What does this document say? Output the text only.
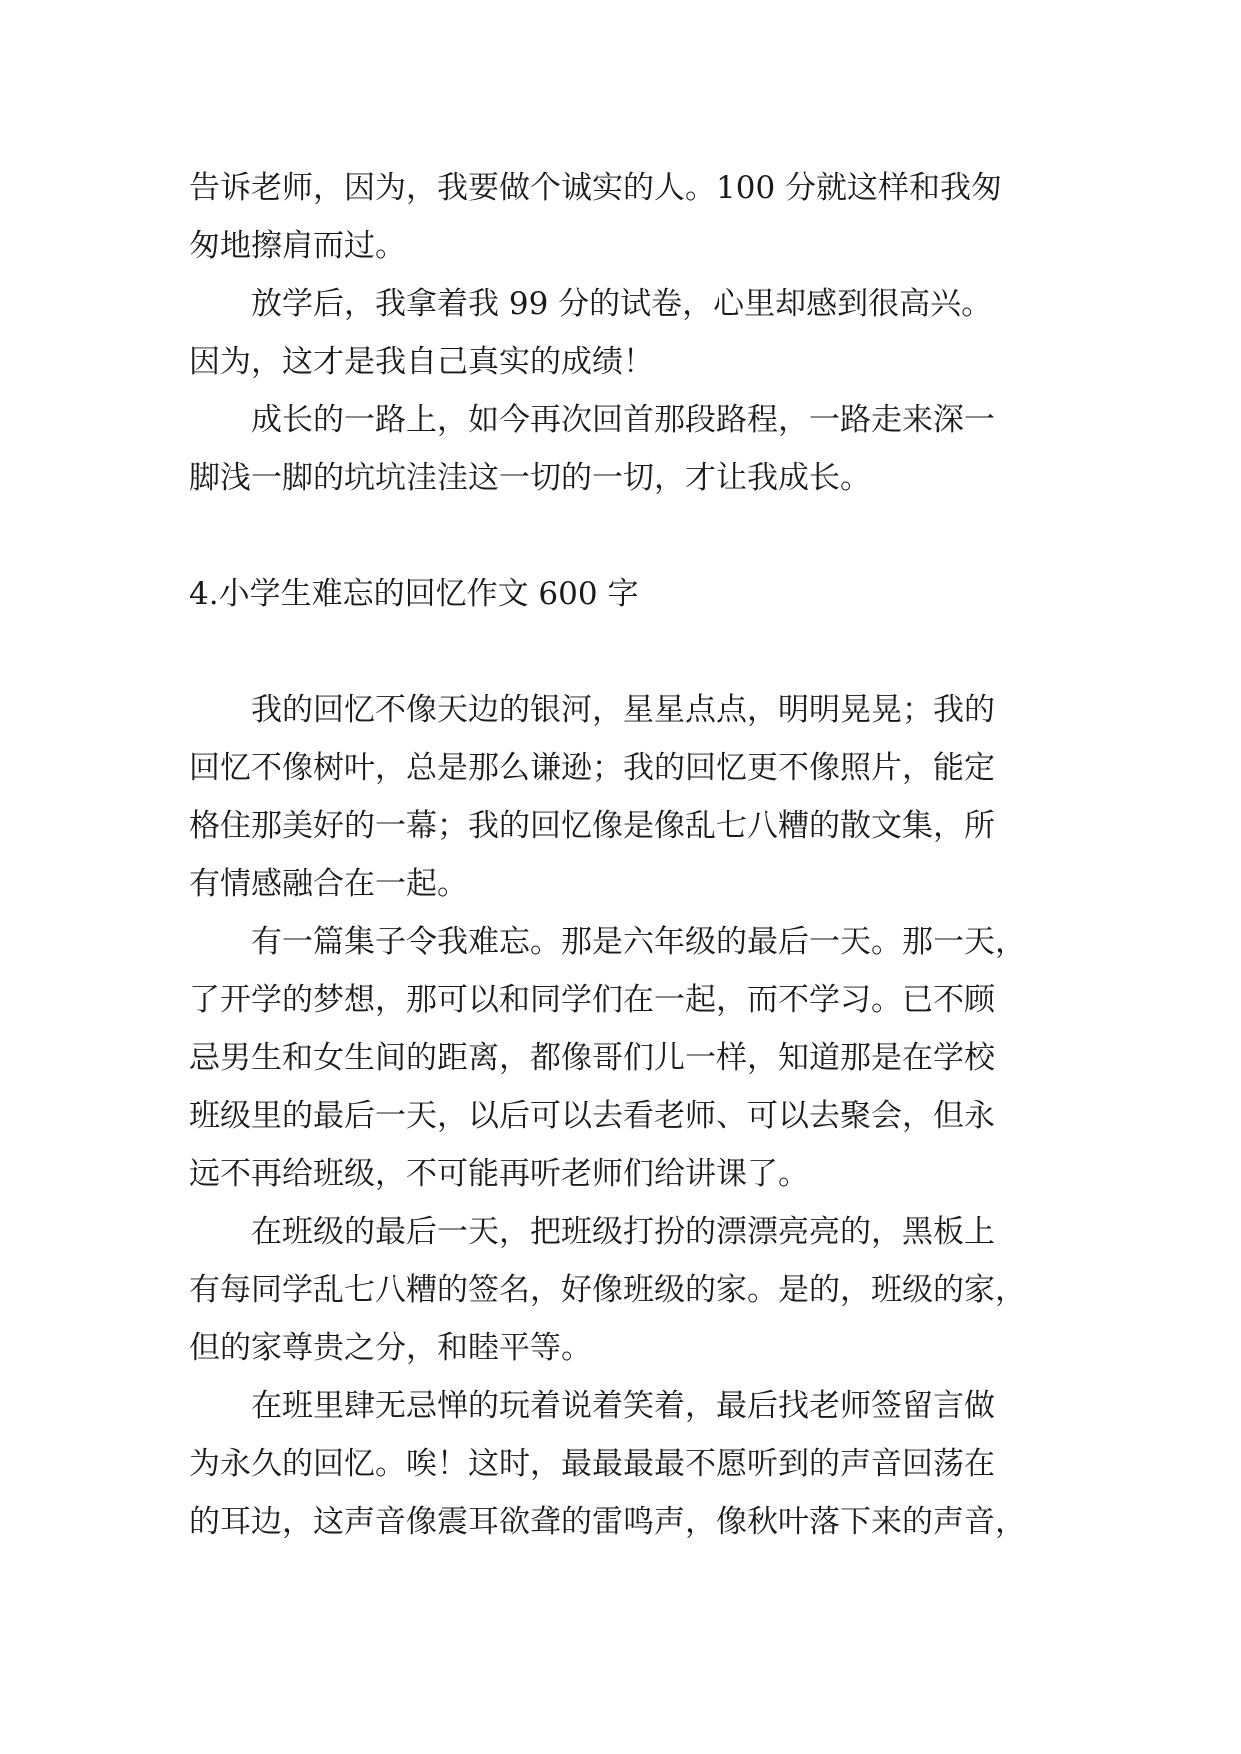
告诉老师，因为，我要做个诚实的人。100 分就这样和我匆

匆地擦肩而过。

　　放学后，我拿着我 99 分的试卷，心里却感到很高兴。

因为，这才是我自己真实的成绩！

　　成长的一路上，如今再次回首那段路程，一路走来深一

脚浅一脚的坑坑洼洼这一切的一切，才让我成长。

4.小学生难忘的回忆作文 600 字

　　我的回忆不像天边的银河，星星点点，明明晃晃；我的

回忆不像树叶，总是那么谦逊；我的回忆更不像照片，能定

格住那美好的一幕；我的回忆像是像乱七八糟的散文集，所

有情感融合在一起。

　　有一篇集子令我难忘。那是六年级的最后一天。那一天，

了开学的梦想，那可以和同学们在一起，而不学习。已不顾

忌男生和女生间的距离，都像哥们儿一样，知道那是在学校

班级里的最后一天，以后可以去看老师、可以去聚会，但永

远不再给班级，不可能再听老师们给讲课了。

　　在班级的最后一天，把班级打扮的漂漂亮亮的，黑板上

有每同学乱七八糟的签名，好像班级的家。是的，班级的家，

但的家尊贵之分，和睦平等。

　　在班里肆无忌惮的玩着说着笑着，最后找老师签留言做

为永久的回忆。唉！这时，最最最最不愿听到的声音回荡在

的耳边，这声音像震耳欲聋的雷鸣声，像秋叶落下来的声音，
